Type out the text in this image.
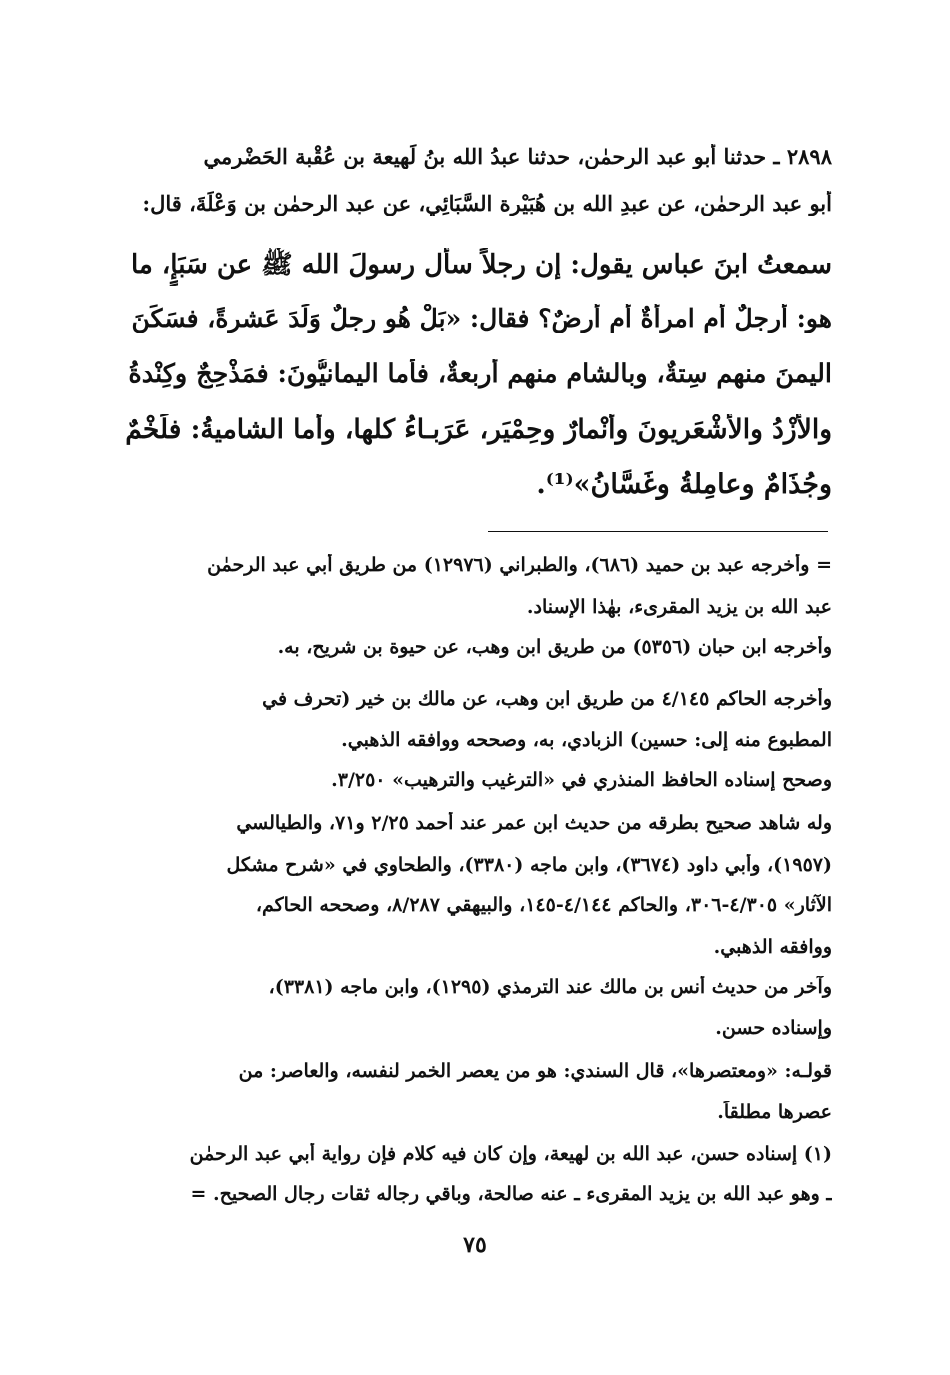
٢٨٩٨ ـ حدثنا أبو عبد الرحمٰن، حدثنا عبدُ الله بنُ لَهِيعة بن عُقْبة الحَضْرمي
أبو عبد الرحمٰن، عن عبدِ الله بن هُبَيْرة السَّبَائِي، عن عبد الرحمٰن بن وَعْلَةَ، قال:
سمعتُ ابنَ عباس يقول: إن رجلاً سأل رسولَ الله ﷺ عن سَبَإٍ، ما
هو: أرجلٌ أم امرأةٌ أم أرضٌ؟ فقال: «بَلْ هُو رجلٌ وَلَدَ عَشرةً، فسَكَنَ
اليمنَ منهم سِتةٌ، وبالشام منهم أربعةٌ، فأما اليمانيُّونَ: فمَذْحِجٌ وكِنْدةُ
والأَزْدُ والأَشْعَريونَ وأَنْمارٌ وحِمْيَر، عَرَبـاءُ كلها، وأما الشاميةُ: فلَخْمٌ
وجُذَامٌ وعامِلةُ وغَسَّانُ»⁽¹⁾.
= وأخرجه عبد بن حميد (٦٨٦)، والطبراني (١٢٩٧٦) من طريق أبي عبد الرحمٰن
عبد الله بن يزيد المقرىء، بهٰذا الإسناد.
وأخرجه ابن حبان (٥٣٥٦) من طريق ابن وهب، عن حيوة بن شريح، به.
وأخرجه الحاكم ٤/١٤٥ من طريق ابن وهب، عن مالك بن خير (تحرف في
المطبوع منه إلى: حسين) الزبادي، به، وصححه ووافقه الذهبي.
وصحح إسناده الحافظ المنذري في «الترغيب والترهيب» ٣/٢٥٠.
وله شاهد صحيح بطرقه من حديث ابن عمر عند أحمد ٢/٢٥ و٧١، والطيالسي
(١٩٥٧)، وأبي داود (٣٦٧٤)، وابن ماجه (٣٣٨٠)، والطحاوي في «شرح مشكل
الآثار» ٤/٣٠٥-٣٠٦، والحاكم ٤/١٤٤-١٤٥، والبيهقي ٨/٢٨٧، وصححه الحاكم،
ووافقه الذهبي.
وآخر من حديث أنس بن مالك عند الترمذي (١٢٩٥)، وابن ماجه (٣٣٨١)،
وإسناده حسن.
قولـه: «ومعتصرها»، قال السندي: هو من يعصر الخمر لنفسه، والعاصر: من
عصرها مطلقاً.
(١) إسناده حسن، عبد الله بن لهيعة، وإن كان فيه كلام فإن رواية أبي عبد الرحمٰن
ـ وهو عبد الله بن يزيد المقرىء ـ عنه صالحة، وباقي رجاله ثقات رجال الصحيح. =
٧٥
